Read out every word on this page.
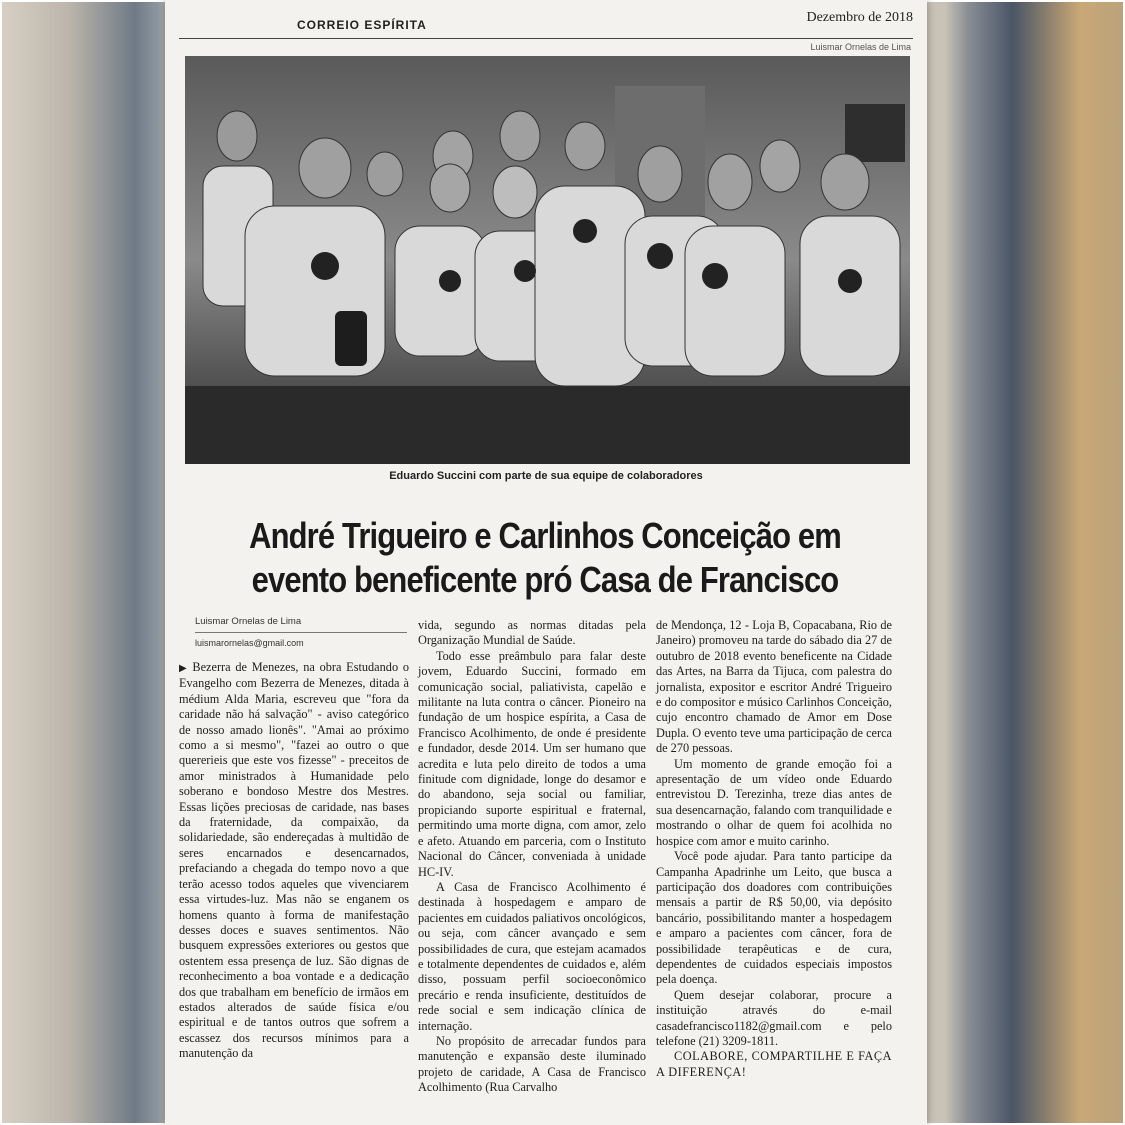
CORREIO ESPÍRITA	Dezembro de 2018
Luismar Ornelas de Lima
Eduardo Succini com parte de sua equipe de colaboradores
André Trigueiro e Carlinhos Conceição em
evento beneficente pró Casa de Francisco
Luismar Ornelas de Lima
luismarornelas@gmail.com

▶ Bezerra de Menezes, na obra Estudando o Evangelho com Bezerra de Menezes, ditada à médium Alda Maria, escreveu que "fora da caridade não há salvação" - aviso categórico de nosso amado lionês". "Amai ao próximo como a si mesmo", "fazei ao outro o que quererieis que este vos fizesse" - preceitos de amor ministrados à Humanidade pelo soberano e bondoso Mestre dos Mestres. Essas lições preciosas de caridade, nas bases da fraternidade, da compaixão, da solidariedade, são endereçadas à multidão de seres encarnados e desencarnados, prefaciando a chegada do tempo novo a que terão acesso todos aqueles que vivenciarem essa virtudes-luz. Mas não se enganem os homens quanto à forma de manifestação desses doces e suaves sentimentos. Não busquem expressões exteriores ou gestos que ostentem essa presença de luz. São dignas de reconhecimento a boa vontade e a dedicação dos que trabalham em benefício de irmãos em estados alterados de saúde física e/ou espiritual e de tantos outros que sofrem a escassez dos recursos mínimos para a manutenção da

vida, segundo as normas ditadas pela Organização Mundial de Saúde.

Todo esse preâmbulo para falar deste jovem, Eduardo Succini, formado em comunicação social, paliativista, capelão e militante na luta contra o câncer. Pioneiro na fundação de um hospice espírita, a Casa de Francisco Acolhimento, de onde é presidente e fundador, desde 2014. Um ser humano que acredita e luta pelo direito de todos a uma finitude com dignidade, longe do desamor e do abandono, seja social ou familiar, propiciando suporte espiritual e fraternal, permitindo uma morte digna, com amor, zelo e afeto. Atuando em parceria, com o Instituto Nacional do Câncer, conveniada à unidade HC-IV.

A Casa de Francisco Acolhimento é destinada à hospedagem e amparo de pacientes em cuidados paliativos oncológicos, ou seja, com câncer avançado e sem possibilidades de cura, que estejam acamados e totalmente dependentes de cuidados e, além disso, possuam perfil socioeconômico precário e renda insuficiente, destituídos de rede social e sem indicação clínica de internação.

No propósito de arrecadar fundos para manutenção e expansão deste iluminado projeto de caridade, A Casa de Francisco Acolhimento (Rua Carvalho

de Mendonça, 12 - Loja B, Copacabana, Rio de Janeiro) promoveu na tarde do sábado dia 27 de outubro de 2018 evento beneficente na Cidade das Artes, na Barra da Tijuca, com palestra do jornalista, expositor e escritor André Trigueiro e do compositor e músico Carlinhos Conceição, cujo encontro chamado de Amor em Dose Dupla. O evento teve uma participação de cerca de 270 pessoas.

Um momento de grande emoção foi a apresentação de um vídeo onde Eduardo entrevistou D. Terezinha, treze dias antes de sua desencarnação, falando com tranquilidade e mostrando o olhar de quem foi acolhida no hospice com amor e muito carinho.

Você pode ajudar. Para tanto participe da Campanha Apadrinhe um Leito, que busca a participação dos doadores com contribuições mensais a partir de R$ 50,00, via depósito bancário, possibilitando manter a hospedagem e amparo a pacientes com câncer, fora de possibilidade terapêuticas e de cura, dependentes de cuidados especiais impostos pela doença.

Quem desejar colaborar, procure a instituição através do e-mail casadefrancisco1182@gmail.com e pelo telefone (21) 3209-1811.

COLABORE, COMPARTILHE E FAÇA A DIFERENÇA!
